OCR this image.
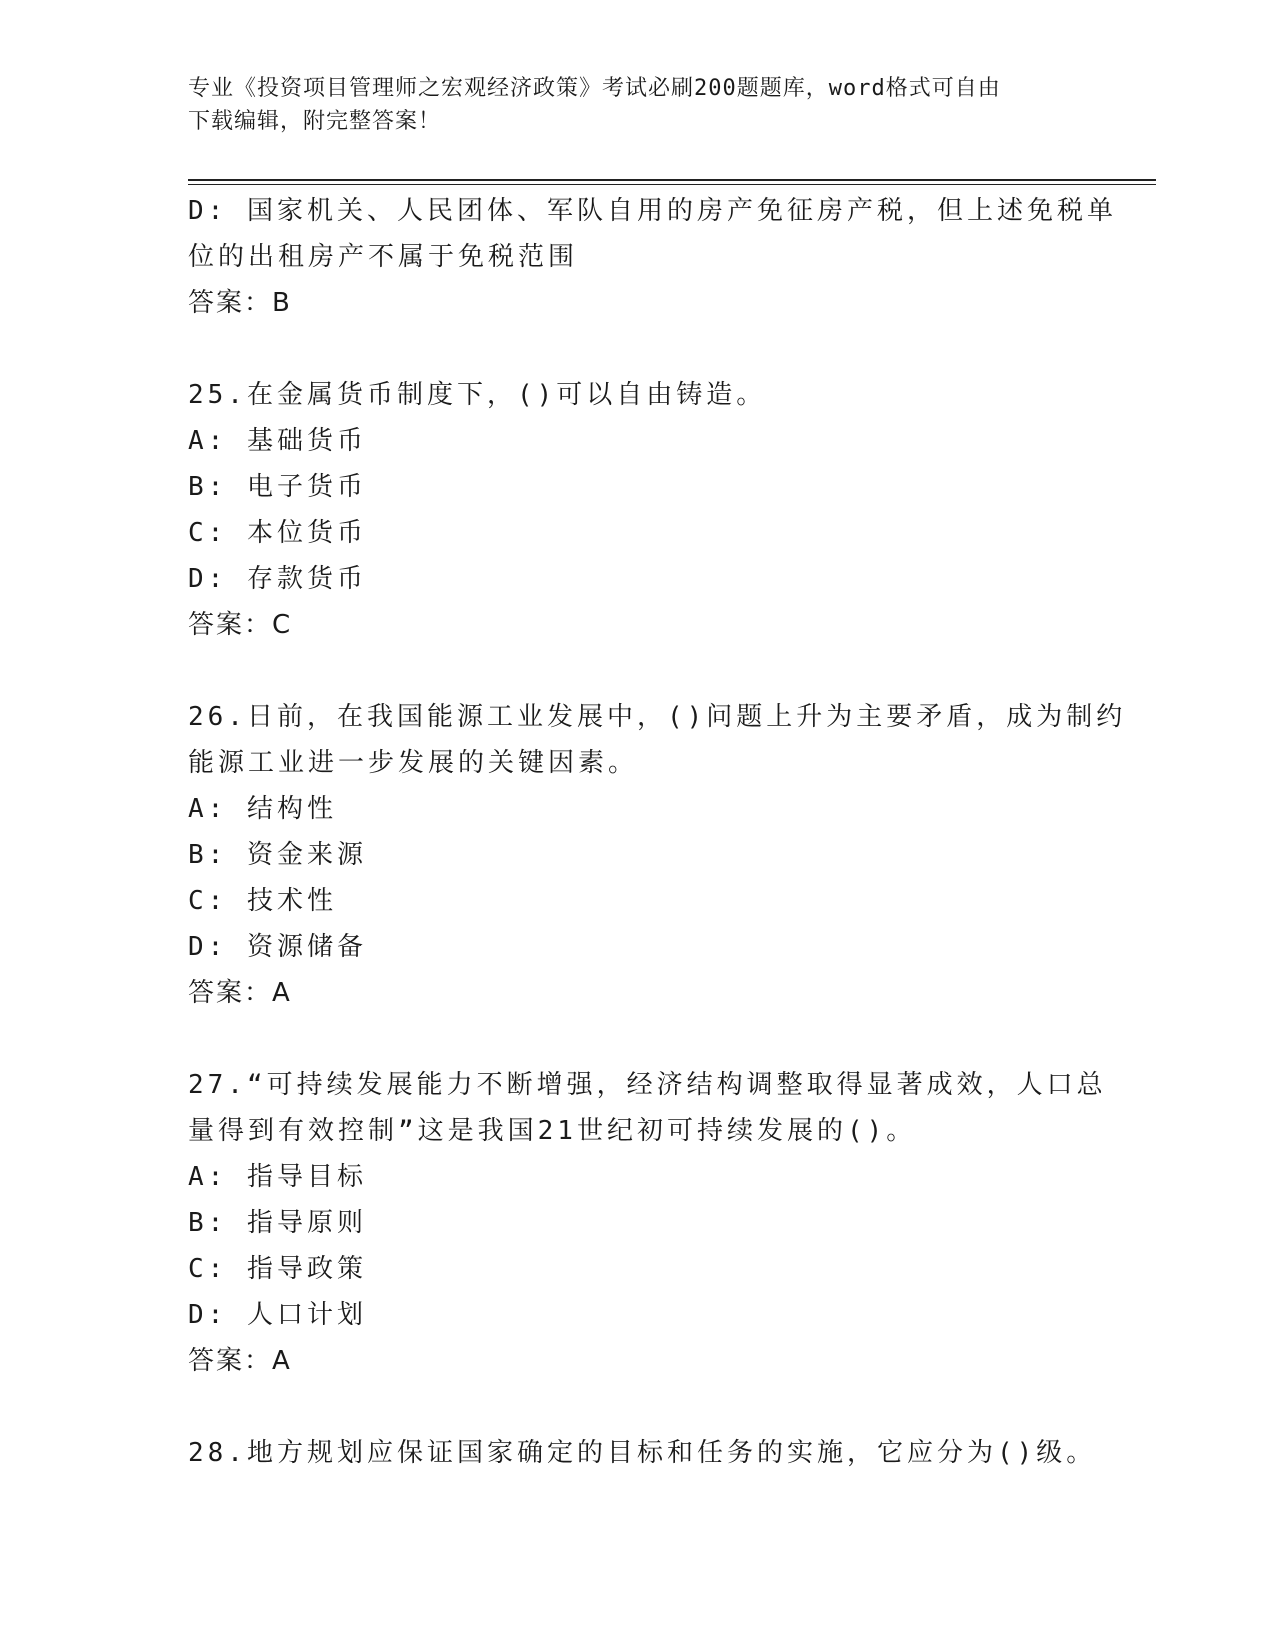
专业《投资项目管理师之宏观经济政策》考试必刷200题题库，word格式可自由
下载编辑，附完整答案！
D: 国家机关、人民团体、军队自用的房产免征房产税，但上述免税单
位的出租房产不属于免税范围
答案：B
25.在金属货币制度下，()可以自由铸造。
A: 基础货币
B: 电子货币
C: 本位货币
D: 存款货币
答案：C
26.日前，在我国能源工业发展中，()问题上升为主要矛盾，成为制约
能源工业进一步发展的关键因素。
A: 结构性
B: 资金来源
C: 技术性
D: 资源储备
答案：A
27.“可持续发展能力不断增强，经济结构调整取得显著成效，人口总
量得到有效控制”这是我国21世纪初可持续发展的()。
A: 指导目标
B: 指导原则
C: 指导政策
D: 人口计划
答案：A
28.地方规划应保证国家确定的目标和任务的实施，它应分为()级。
